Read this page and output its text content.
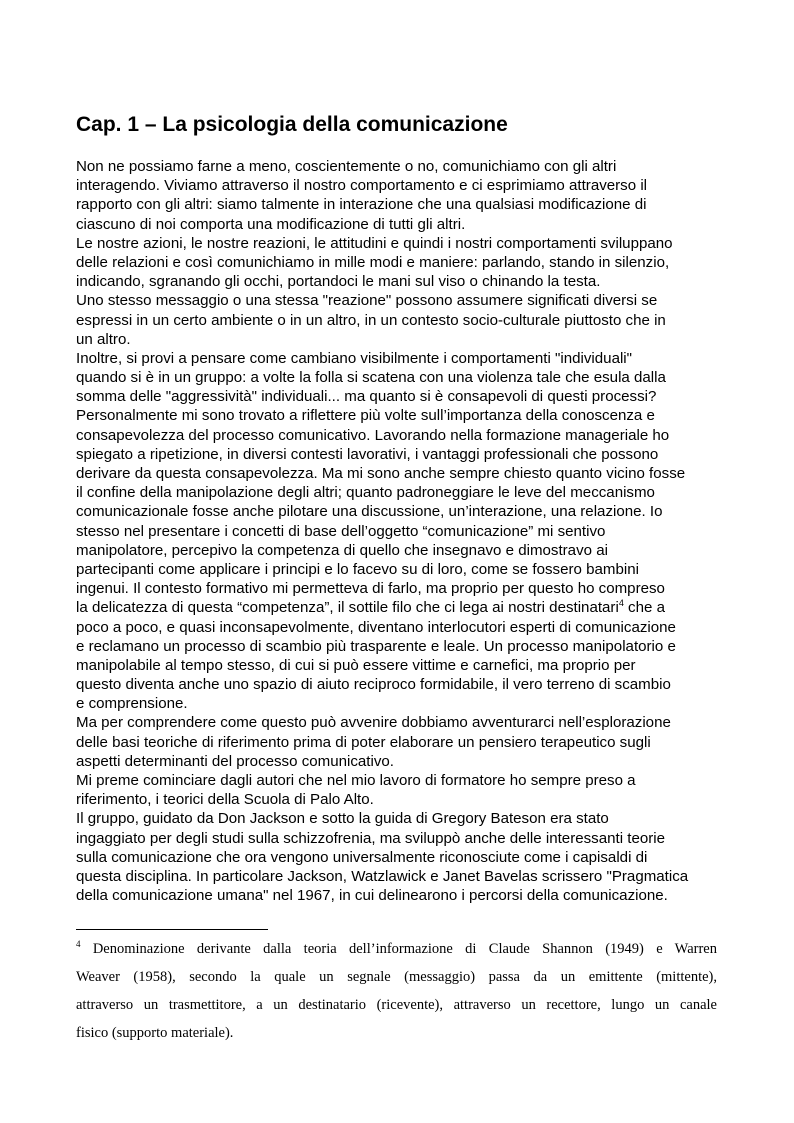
Cap. 1 – La psicologia della comunicazione
Non ne possiamo farne a meno, coscientemente o no, comunichiamo con gli altri
interagendo. Viviamo attraverso il nostro comportamento e ci esprimiamo attraverso il
rapporto con gli altri: siamo talmente in interazione che una qualsiasi modificazione di
ciascuno di noi comporta una modificazione di tutti gli altri.
Le nostre azioni, le nostre reazioni, le attitudini e quindi i nostri comportamenti sviluppano
delle relazioni e così comunichiamo in mille modi e maniere: parlando, stando in silenzio,
indicando, sgranando gli occhi, portandoci le mani sul viso o chinando la testa.
Uno stesso messaggio o una stessa "reazione" possono assumere significati diversi se
espressi in un certo ambiente o in un altro, in un contesto socio-culturale piuttosto che in
un altro.
Inoltre, si provi a pensare come cambiano visibilmente i comportamenti "individuali"
quando si è in un gruppo: a volte la folla si scatena con una violenza tale che esula dalla
somma delle "aggressività" individuali... ma quanto si è consapevoli di questi processi?
Personalmente mi sono trovato a riflettere più volte sull’importanza della conoscenza e
consapevolezza del processo comunicativo. Lavorando nella formazione manageriale ho
spiegato a ripetizione, in diversi contesti lavorativi, i vantaggi professionali che possono
derivare da questa consapevolezza. Ma mi sono anche sempre chiesto quanto vicino fosse
il confine della manipolazione degli altri; quanto padroneggiare le leve del meccanismo
comunicazionale fosse anche pilotare una discussione, un’interazione, una relazione. Io
stesso nel presentare i concetti di base dell’oggetto “comunicazione” mi sentivo
manipolatore, percepivo la competenza di quello che insegnavo e dimostravo ai
partecipanti come applicare i principi e lo facevo su di loro, come se fossero bambini
ingenui. Il contesto formativo mi permetteva di farlo, ma proprio per questo ho compreso
la delicatezza di questa “competenza”, il sottile filo che ci lega ai nostri destinatari$^4$ che a
poco a poco, e quasi inconsapevolmente, diventano interlocutori esperti di comunicazione
e reclamano un processo di scambio più trasparente e leale. Un processo manipolatorio e
manipolabile al tempo stesso, di cui si può essere vittime e carnefici, ma proprio per
questo diventa anche uno spazio di aiuto reciproco formidabile, il vero terreno di scambio
e comprensione.
Ma per comprendere come questo può avvenire dobbiamo avventurarci nell’esplorazione
delle basi teoriche di riferimento prima di poter elaborare un pensiero terapeutico sugli
aspetti determinanti del processo comunicativo.
Mi preme cominciare dagli autori che nel mio lavoro di formatore ho sempre preso a
riferimento, i teorici della Scuola di Palo Alto.
Il gruppo, guidato da Don Jackson e sotto la guida di Gregory Bateson era stato
ingaggiato per degli studi sulla schizzofrenia, ma sviluppò anche delle interessanti teorie
sulla comunicazione che ora vengono universalmente riconosciute come i capisaldi di
questa disciplina. In particolare Jackson, Watzlawick e Janet Bavelas scrissero "Pragmatica
della comunicazione umana" nel 1967, in cui delinearono i percorsi della comunicazione.
$^4$ Denominazione derivante dalla teoria dell’informazione di Claude Shannon (1949) e Warren
Weaver (1958), secondo la quale un segnale (messaggio) passa da un emittente (mittente),
attraverso un trasmettitore, a un destinatario (ricevente), attraverso un recettore, lungo un canale
fisico (supporto materiale).
